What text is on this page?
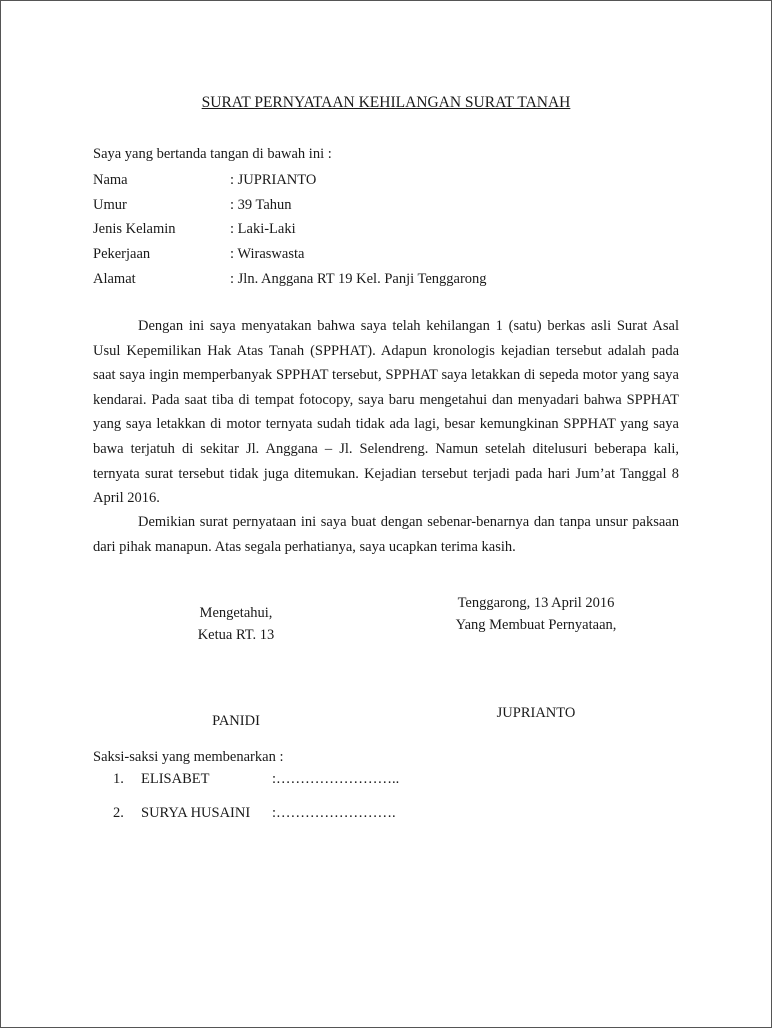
SURAT PERNYATAAN KEHILANGAN SURAT TANAH
Saya yang bertanda tangan di bawah ini :
Nama	: JUPRIANTO
Umur	: 39 Tahun
Jenis Kelamin	: Laki-Laki
Pekerjaan	: Wiraswasta
Alamat	: Jln. Anggana RT 19 Kel. Panji Tenggarong

Dengan ini saya menyatakan bahwa saya telah kehilangan 1 (satu) berkas asli Surat Asal Usul Kepemilikan Hak Atas Tanah (SPPHAT). Adapun kronologis kejadian tersebut adalah pada saat saya ingin memperbanyak SPPHAT tersebut, SPPHAT saya letakkan di sepeda motor yang saya kendarai. Pada saat tiba di tempat fotocopy, saya baru mengetahui dan menyadari bahwa SPPHAT yang saya letakkan di motor ternyata sudah tidak ada lagi, besar kemungkinan SPPHAT yang saya bawa terjatuh di sekitar Jl. Anggana – Jl. Selendreng. Namun setelah ditelusuri beberapa kali, ternyata surat tersebut tidak juga ditemukan. Kejadian tersebut terjadi pada hari Jum’at Tanggal 8 April 2016.

Demikian surat pernyataan ini saya buat dengan sebenar-benarnya dan tanpa unsur paksaan dari pihak manapun. Atas segala perhatianya, saya ucapkan terima kasih.

Mengetahui,
Ketua RT. 13
Tenggarong, 13 April 2016
Yang Membuat Pernyataan,
PANIDI	JUPRIANTO
Saksi-saksi yang membenarkan :
1.	ELISABET	:……………………..
2.	SURYA HUSAINI	:…………………….
